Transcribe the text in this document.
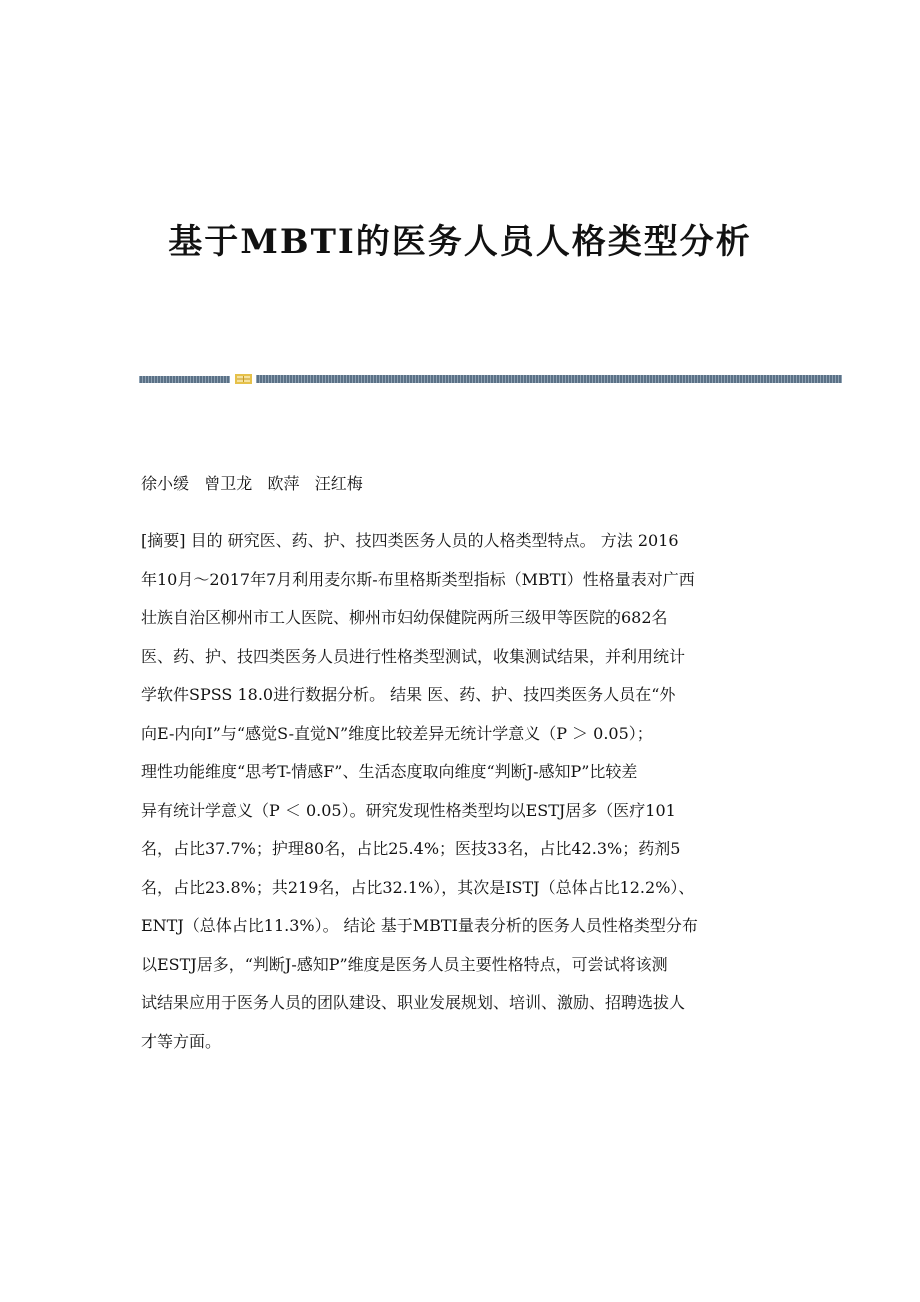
基于MBTI的医务人员人格类型分析
徐小缓   曾卫龙   欧萍   汪红梅
[摘要] 目的 研究医、药、护、技四类医务人员的人格类型特点。 方法 2016
年10月～2017年7月利用麦尔斯-布里格斯类型指标（MBTI）性格量表对广西
壮族自治区柳州市工人医院、柳州市妇幼保健院两所三级甲等医院的682名
医、药、护、技四类医务人员进行性格类型测试，收集测试结果，并利用统计
学软件SPSS 18.0进行数据分析。 结果 医、药、护、技四类医务人员在“外
向E-内向I”与“感觉S-直觉N”维度比较差异无统计学意义（P ＞ 0.05）；
理性功能维度“思考T-情感F”、生活态度取向维度“判断J-感知P”比较差
异有统计学意义（P ＜ 0.05）。研究发现性格类型均以ESTJ居多（医疗101
名，占比37.7%；护理80名，占比25.4%；医技33名，占比42.3%；药剂5
名，占比23.8%；共219名，占比32.1%），其次是ISTJ（总体占比12.2%）、
ENTJ（总体占比11.3%）。 结论 基于MBTI量表分析的医务人员性格类型分布
以ESTJ居多，“判断J-感知P”维度是医务人员主要性格特点，可尝试将该测
试结果应用于医务人员的团队建设、职业发展规划、培训、激励、招聘选拔人
才等方面。
